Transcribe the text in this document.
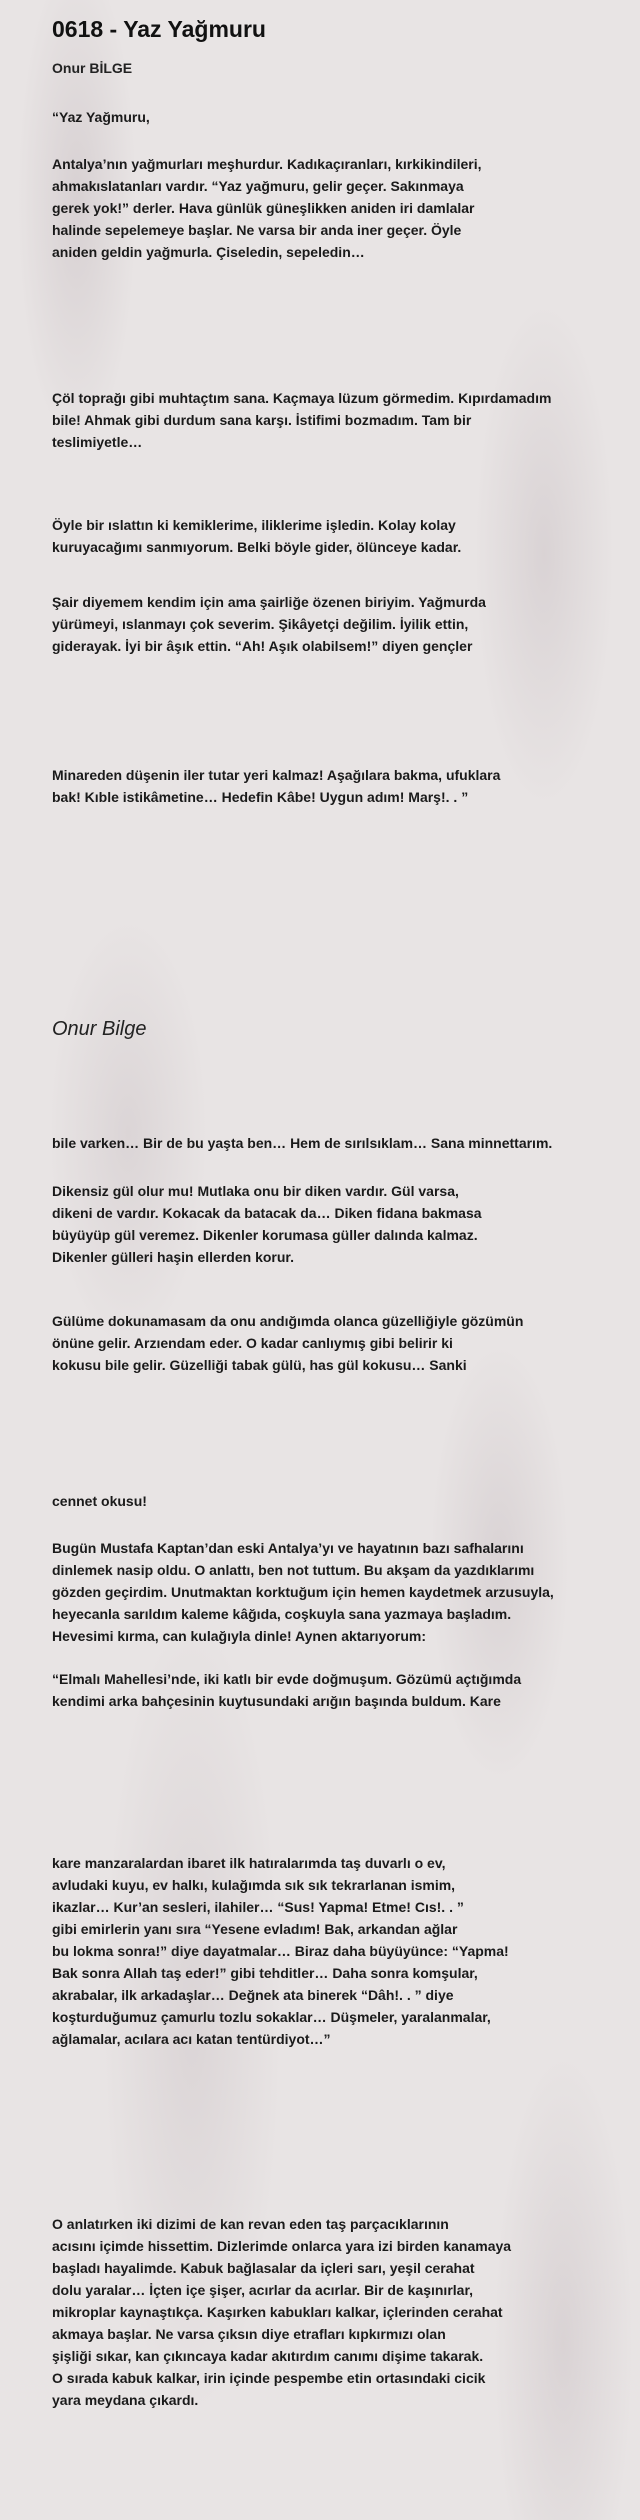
0618 - Yaz Yağmuru
Onur BİLGE

“Yaz Yağmuru,

Antalya’nın yağmurları meşhurdur. Kadıkaçıranları, kırkikindileri,
ahmakıslatanları vardır. “Yaz yağmuru, gelir geçer. Sakınmaya
gerek yok!” derler. Hava günlük güneşlikken aniden iri damlalar
halinde sepelemeye başlar. Ne varsa bir anda iner geçer. Öyle
aniden geldin yağmurla. Çiseledin, sepeledin…

Çöl toprağı gibi muhtaçtım sana. Kaçmaya lüzum görmedim. Kıpırdamadım
bile! Ahmak gibi durdum sana karşı. İstifimi bozmadım. Tam bir
teslimiyetle…

Öyle bir ıslattın ki kemiklerime, iliklerime işledin. Kolay kolay
kuruyacağımı sanmıyorum. Belki böyle gider, ölünceye kadar.

Şair diyemem kendim için ama şairliğe özenen biriyim. Yağmurda
yürümeyi, ıslanmayı çok severim. Şikâyetçi değilim. İyilik ettin,
giderayak. İyi bir âşık ettin. “Ah! Aşık olabilsem!” diyen gençler

Minareden düşenin iler tutar yeri kalmaz! Aşağılara bakma, ufuklara
bak! Kıble istikâmetine… Hedefin Kâbe! Uygun adım! Marş!. . ”

Onur Bilge

bile varken… Bir de bu yaşta ben… Hem de sırılsıklam… Sana minnettarım.

Dikensiz gül olur mu! Mutlaka onu bir diken vardır. Gül varsa,
dikeni de vardır. Kokacak da batacak da… Diken fidana bakmasa
büyüyüp gül veremez. Dikenler korumasa güller dalında kalmaz.
Dikenler gülleri haşin ellerden korur.

Gülüme dokunamasam da onu andığımda olanca güzelliğiyle gözümün
önüne gelir. Arzıendam eder. O kadar canlıymış gibi belirir ki
kokusu bile gelir. Güzelliği tabak gülü, has gül kokusu… Sanki

cennet okusu!

Bugün Mustafa Kaptan’dan eski Antalya’yı ve hayatının bazı safhalarını
dinlemek nasip oldu. O anlattı, ben not tuttum. Bu akşam da yazdıklarımı
gözden geçirdim. Unutmaktan korktuğum için hemen kaydetmek arzusuyla,
heyecanla sarıldım kaleme kâğıda, coşkuyla sana yazmaya başladım.
Hevesimi kırma, can kulağıyla dinle! Aynen aktarıyorum:

“Elmalı Mahellesi’nde, iki katlı bir evde doğmuşum. Gözümü açtığımda
kendimi arka bahçesinin kuytusundaki arığın başında buldum. Kare

kare manzaralardan ibaret ilk hatıralarımda taş duvarlı o ev,
avludaki kuyu, ev halkı, kulağımda sık sık tekrarlanan ismim,
ikazlar… Kur’an sesleri, ilahiler… “Sus! Yapma! Etme! Cıs!. . ”
gibi emirlerin yanı sıra “Yesene evladım! Bak, arkandan ağlar
bu lokma sonra!” diye dayatmalar… Biraz daha büyüyünce: “Yapma!
Bak sonra Allah taş eder!” gibi tehditler… Daha sonra komşular,
akrabalar, ilk arkadaşlar… Değnek ata binerek “Dâh!. . ” diye
koşturduğumuz çamurlu tozlu sokaklar… Düşmeler, yaralanmalar,
ağlamalar, acılara acı katan tentürdiyot…”

O anlatırken iki dizimi de kan revan eden taş parçacıklarının
acısını içimde hissettim. Dizlerimde onlarca yara izi birden kanamaya
başladı hayalimde. Kabuk bağlasalar da içleri sarı, yeşil cerahat
dolu yaralar… İçten içe şişer, acırlar da acırlar. Bir de kaşınırlar,
mikroplar kaynaştıkça. Kaşırken kabukları kalkar, içlerinden cerahat
akmaya başlar. Ne varsa çıksın diye etrafları kıpkırmızı olan
şişliği sıkar, kan çıkıncaya kadar akıtırdım canımı dişime takarak.
O sırada kabuk kalkar, irin içinde pespembe etin ortasındaki cicik
yara meydana çıkardı.
